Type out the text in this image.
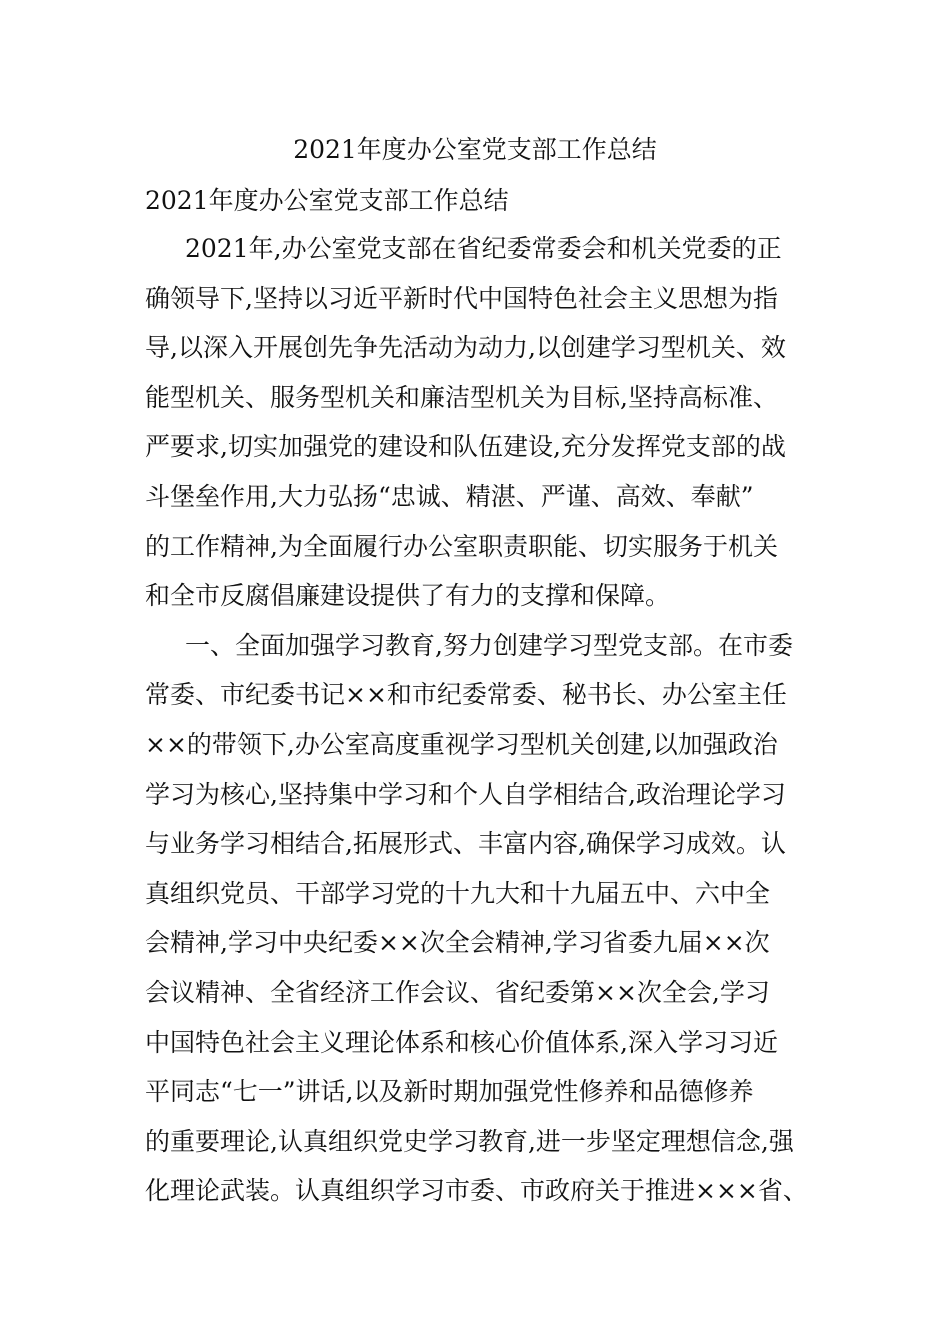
2021年度办公室党支部工作总结
2021年度办公室党支部工作总结
2021年,办公室党支部在省纪委常委会和机关党委的正
确领导下,坚持以习近平新时代中国特色社会主义思想为指
导,以深入开展创先争先活动为动力,以创建学习型机关、效
能型机关、服务型机关和廉洁型机关为目标,坚持高标准、
严要求,切实加强党的建设和队伍建设,充分发挥党支部的战
斗堡垒作用,大力弘扬“忠诚、精湛、严谨、高效、奉献”
的工作精神,为全面履行办公室职责职能、切实服务于机关
和全市反腐倡廉建设提供了有力的支撑和保障。
一、全面加强学习教育,努力创建学习型党支部。在市委
常委、市纪委书记××和市纪委常委、秘书长、办公室主任
××的带领下,办公室高度重视学习型机关创建,以加强政治
学习为核心,坚持集中学习和个人自学相结合,政治理论学习
与业务学习相结合,拓展形式、丰富内容,确保学习成效。认
真组织党员、干部学习党的十九大和十九届五中、六中全
会精神,学习中央纪委××次全会精神,学习省委九届××次
会议精神、全省经济工作会议、省纪委第××次全会,学习
中国特色社会主义理论体系和核心价值体系,深入学习习近
平同志“七一”讲话,以及新时期加强党性修养和品德修养
的重要理论,认真组织党史学习教育,进一步坚定理想信念,强
化理论武装。认真组织学习市委、市政府关于推进×××省、
